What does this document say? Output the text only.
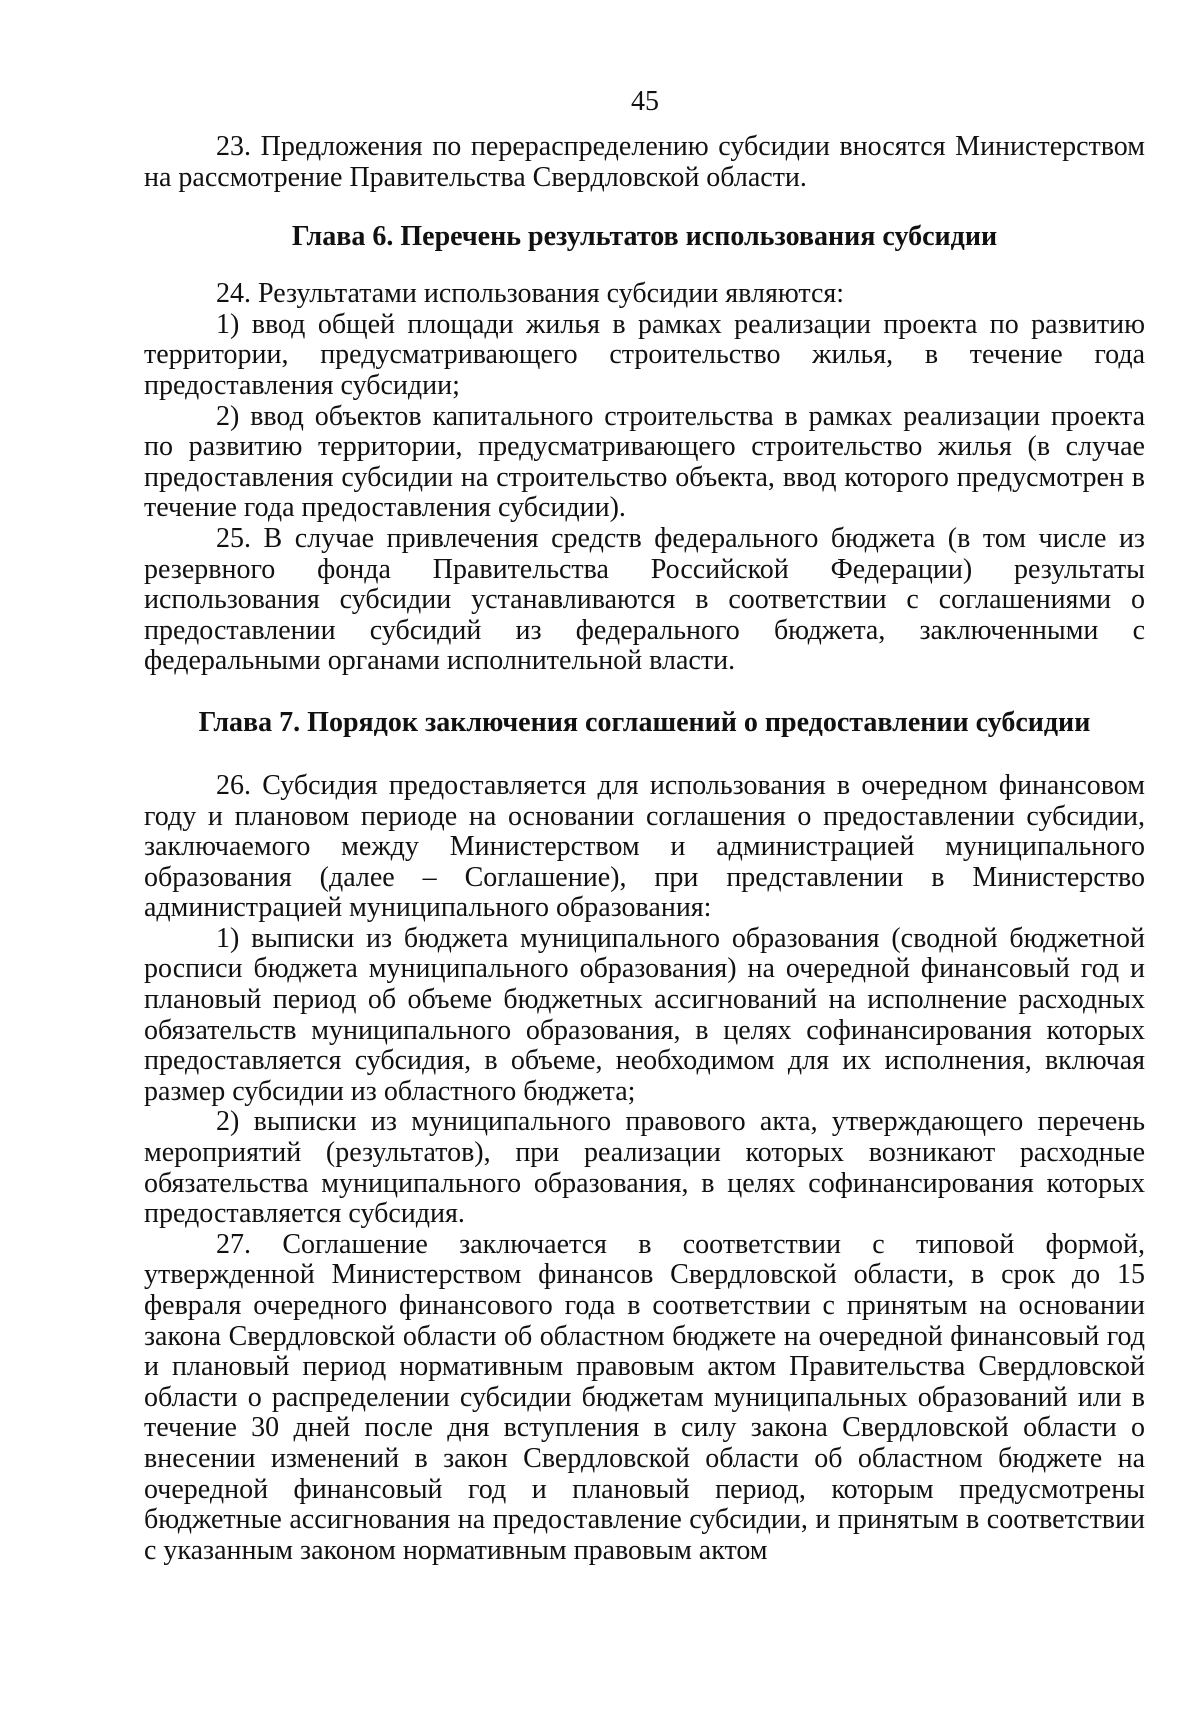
45

23. Предложения по перераспределению субсидии вносятся Министерством на рассмотрение Правительства Свердловской области.

Глава 6. Перечень результатов использования субсидии

24. Результатами использования субсидии являются:

1) ввод общей площади жилья в рамках реализации проекта по развитию территории, предусматривающего строительство жилья, в течение года предоставления субсидии;

2) ввод объектов капитального строительства в рамках реализации проекта по развитию территории, предусматривающего строительство жилья (в случае предоставления субсидии на строительство объекта, ввод которого предусмотрен в течение года предоставления субсидии).

25. В случае привлечения средств федерального бюджета (в том числе из резервного фонда Правительства Российской Федерации) результаты использования субсидии устанавливаются в соответствии с соглашениями о предоставлении субсидий из федерального бюджета, заключенными с федеральными органами исполнительной власти.

Глава 7. Порядок заключения соглашений о предоставлении субсидии

26. Субсидия предоставляется для использования в очередном финансовом году и плановом периоде на основании соглашения о предоставлении субсидии, заключаемого между Министерством и администрацией муниципального образования (далее – Соглашение), при представлении в Министерство администрацией муниципального образования:

1) выписки из бюджета муниципального образования (сводной бюджетной росписи бюджета муниципального образования) на очередной финансовый год и плановый период об объеме бюджетных ассигнований на исполнение расходных обязательств муниципального образования, в целях софинансирования которых предоставляется субсидия, в объеме, необходимом для их исполнения, включая размер субсидии из областного бюджета;

2) выписки из муниципального правового акта, утверждающего перечень мероприятий (результатов), при реализации которых возникают расходные обязательства муниципального образования, в целях софинансирования которых предоставляется субсидия.

27. Соглашение заключается в соответствии с типовой формой, утвержденной Министерством финансов Свердловской области, в срок до 15 февраля очередного финансового года в соответствии с принятым на основании закона Свердловской области об областном бюджете на очередной финансовый год и плановый период нормативным правовым актом Правительства Свердловской области о распределении субсидии бюджетам муниципальных образований или в течение 30 дней после дня вступления в силу закона Свердловской области о внесении изменений в закон Свердловской области об областном бюджете на очередной финансовый год и плановый период, которым предусмотрены бюджетные ассигнования на предоставление субсидии, и принятым в соответствии с указанным законом нормативным правовым актом
